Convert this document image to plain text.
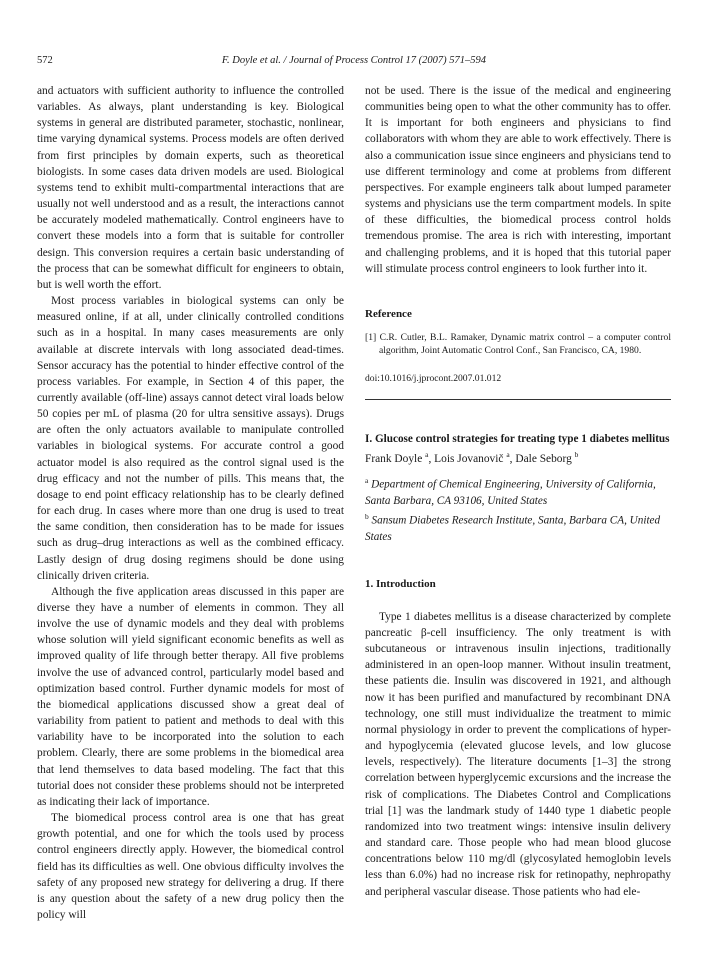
572	F. Doyle et al. / Journal of Process Control 17 (2007) 571–594

and actuators with sufficient authority to influence the controlled variables. As always, plant understanding is key. Biological systems in general are distributed parameter, stochastic, nonlinear, time varying dynamical systems. Process models are often derived from first principles by domain experts, such as theoretical biologists. In some cases data driven models are used. Biological systems tend to exhibit multi-compartmental interactions that are usually not well understood and as a result, the interactions cannot be accurately modeled mathematically. Control engineers have to convert these models into a form that is suitable for controller design. This conversion requires a certain basic understanding of the process that can be somewhat difficult for engineers to obtain, but is well worth the effort.

Most process variables in biological systems can only be measured online, if at all, under clinically controlled conditions such as in a hospital. In many cases measurements are only available at discrete intervals with long associated dead-times. Sensor accuracy has the potential to hinder effective control of the process variables. For example, in Section 4 of this paper, the currently available (off-line) assays cannot detect viral loads below 50 copies per mL of plasma (20 for ultra sensitive assays). Drugs are often the only actuators available to manipulate controlled variables in biological systems. For accurate control a good actuator model is also required as the control signal used is the drug efficacy and not the number of pills. This means that, the dosage to end point efficacy relationship has to be clearly defined for each drug. In cases where more than one drug is used to treat the same condition, then consideration has to be made for issues such as drug–drug interactions as well as the combined efficacy. Lastly design of drug dosing regimens should be done using clinically driven criteria.

Although the five application areas discussed in this paper are diverse they have a number of elements in common. They all involve the use of dynamic models and they deal with problems whose solution will yield significant economic benefits as well as improved quality of life through better therapy. All five problems involve the use of advanced control, particularly model based and optimization based control. Further dynamic models for most of the biomedical applications discussed show a great deal of variability from patient to patient and methods to deal with this variability have to be incorporated into the solution to each problem. Clearly, there are some problems in the biomedical area that lend themselves to data based modeling. The fact that this tutorial does not consider these problems should not be interpreted as indicating their lack of importance.

The biomedical process control area is one that has great growth potential, and one for which the tools used by process control engineers directly apply. However, the biomedical control field has its difficulties as well. One obvious difficulty involves the safety of any proposed new strategy for delivering a drug. If there is any question about the safety of a new drug policy then the policy will

not be used. There is the issue of the medical and engineering communities being open to what the other community has to offer. It is important for both engineers and physicians to find collaborators with whom they are able to work effectively. There is also a communication issue since engineers and physicians tend to use different terminology and come at problems from different perspectives. For example engineers talk about lumped parameter systems and physicians use the term compartment models. In spite of these difficulties, the biomedical process control holds tremendous promise. The area is rich with interesting, important and challenging problems, and it is hoped that this tutorial paper will stimulate process control engineers to look further into it.

Reference

[1] C.R. Cutler, B.L. Ramaker, Dynamic matrix control – a computer control algorithm, Joint Automatic Control Conf., San Francisco, CA, 1980.

doi:10.1016/j.jprocont.2007.01.012

I. Glucose control strategies for treating type 1 diabetes mellitus

Frank Doyle $^a$, Lois Jovanovič $^a$, Dale Seborg $^b$

$^a$ Department of Chemical Engineering, University of California, Santa Barbara, CA 93106, United States

$^b$ Sansum Diabetes Research Institute, Santa, Barbara CA, United States

1. Introduction

Type 1 diabetes mellitus is a disease characterized by complete pancreatic β-cell insufficiency. The only treatment is with subcutaneous or intravenous insulin injections, traditionally administered in an open-loop manner. Without insulin treatment, these patients die. Insulin was discovered in 1921, and although now it has been purified and manufactured by recombinant DNA technology, one still must individualize the treatment to mimic normal physiology in order to prevent the complications of hyper- and hypoglycemia (elevated glucose levels, and low glucose levels, respectively). The literature documents [1–3] the strong correlation between hyperglycemic excursions and the increase the risk of complications. The Diabetes Control and Complications trial [1] was the landmark study of 1440 type 1 diabetic people randomized into two treatment wings: intensive insulin delivery and standard care. Those people who had mean blood glucose concentrations below 110 mg/dl (glycosylated hemoglobin levels less than 6.0%) had no increase risk for retinopathy, nephropathy and peripheral vascular disease. Those patients who had ele-
